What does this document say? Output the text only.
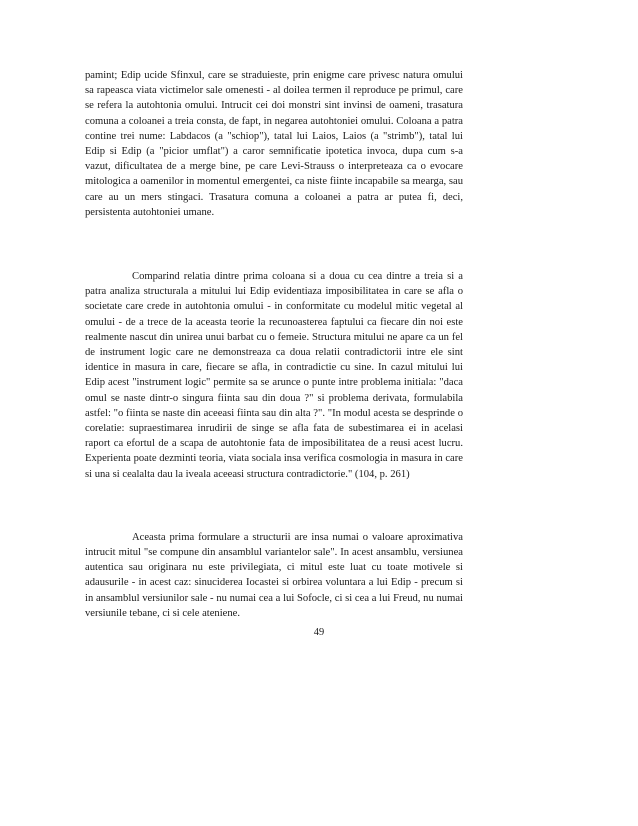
pamint; Edip ucide Sfinxul, care se straduieste, prin enigme care privesc natura omului sa rapeasca viata victimelor sale omenesti - al doilea termen il reproduce pe primul, care se refera la autohtonia omului. Intrucit cei doi monstri sint invinsi de oameni, trasatura comuna a coloanei a treia consta, de fapt, in negarea autohtoniei omului. Coloana a patra contine trei nume: Labdacos (a "schiop"), tatal lui Laios, Laios (a "strimb"), tatal lui Edip si Edip (a "picior umflat") a caror semnificatie ipotetica invoca, dupa cum s-a vazut, dificultatea de a merge bine, pe care Levi-Strauss o interpreteaza ca o evocare mitologica a oamenilor in momentul emergentei, ca niste fiinte incapabile sa mearga, sau care au un mers stingaci. Trasatura comuna a coloanei a patra ar putea fi, deci, persistenta autohtoniei umane.

Comparind relatia dintre prima coloana si a doua cu cea dintre a treia si a patra analiza structurala a mitului lui Edip evidentiaza imposibilitatea in care se afla o societate care crede in autohtonia omului - in conformitate cu modelul mitic vegetal al omului - de a trece de la aceasta teorie la recunoasterea faptului ca fiecare din noi este realmente nascut din unirea unui barbat cu o femeie. Structura mitului ne apare ca un fel de instrument logic care ne demonstreaza ca doua relatii contradictorii intre ele sint identice in masura in care, fiecare se afla, in contradictie cu sine. In cazul mitului lui Edip acest "instrument logic" permite sa se arunce o punte intre problema initiala: "daca omul se naste dintr-o singura fiinta sau din doua ?" si problema derivata, formulabila astfel: "o fiinta se naste din aceeasi fiinta sau din alta ?". "In modul acesta se desprinde o corelatie: supraestimarea inrudirii de singe se afla fata de subestimarea ei in acelasi raport ca efortul de a scapa de autohtonie fata de imposibilitatea de a reusi acest lucru. Experienta poate dezminti teoria, viata sociala insa verifica cosmologia in masura in care si una si cealalta dau la iveala aceeasi structura contradictorie." (104, p. 261)

Aceasta prima formulare a structurii are insa numai o valoare aproximativa intrucit mitul "se compune din ansamblul variantelor sale". In acest ansamblu, versiunea autentica sau originara nu este privilegiata, ci mitul este luat cu toate motivele si adausurile - in acest caz: sinuciderea Iocastei si orbirea voluntara a lui Edip - precum si in ansamblul versiunilor sale - nu numai cea a lui Sofocle, ci si cea a lui Freud, nu numai versiunile tebane, ci si cele ateniene.

49
